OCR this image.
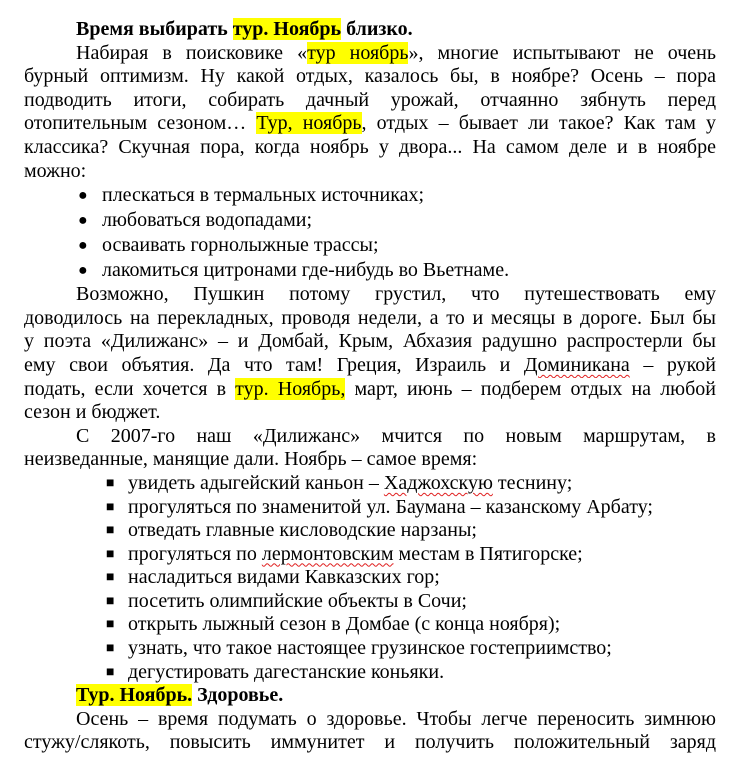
Время выбирать тур. Ноябрь близко.
Набирая в поисковике «тур ноябрь», многие испытывают не очень
бурный оптимизм. Ну какой отдых, казалось бы, в ноябре? Осень – пора
подводить итоги, собирать дачный урожай, отчаянно зябнуть перед
отопительным сезоном… Тур, ноябрь, отдых – бывает ли такое? Как там у
классика? Скучная пора, когда ноябрь у двора... На самом деле и в ноябре
можно:
● плескаться в термальных источниках;
● любоваться водопадами;
● осваивать горнолыжные трассы;
● лакомиться цитронами где-нибудь во Вьетнаме.
Возможно, Пушкин потому грустил, что путешествовать ему
доводилось на перекладных, проводя недели, а то и месяцы в дороге. Был бы
у поэта «Дилижанс» – и Домбай, Крым, Абхазия радушно распростерли бы
ему свои объятия. Да что там! Греция, Израиль и Доминикана – рукой
подать, если хочется в тур. Ноябрь, март, июнь – подберем отдых на любой
сезон и бюджет.
С 2007-го наш «Дилижанс» мчится по новым маршрутам, в
неизведанные, манящие дали. Ноябрь – самое время:
■ увидеть адыгейский каньон – Хаджохскую теснину;
■ прогуляться по знаменитой ул. Баумана – казанскому Арбату;
■ отведать главные кисловодские нарзаны;
■ прогуляться по лермонтовским местам в Пятигорске;
■ насладиться видами Кавказских гор;
■ посетить олимпийские объекты в Сочи;
■ открыть лыжный сезон в Домбае (с конца ноября);
■ узнать, что такое настоящее грузинское гостеприимство;
■ дегустировать дагестанские коньяки.
Тур. Ноябрь. Здоровье.
Осень – время подумать о здоровье. Чтобы легче переносить зимнюю
стужу/слякоть, повысить иммунитет и получить положительный заряд
